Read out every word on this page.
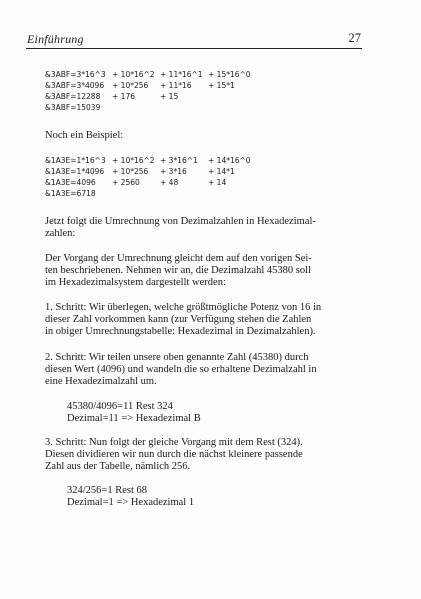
Einführung	27
&3ABF=3*16^3 + 10*16^2 + 11*16^1 + 15*16^0
&3ABF=3*4096 + 10*256 + 11*16 + 15*1
&3ABF=12288 + 176	+ 15
&3ABF=15039
Noch ein Beispiel:
&1A3E=1*16^3 + 10*16^2 + 3*16^1 + 14*16^0
&1A3E=1*4096 + 10*256 + 3*16	+ 14*1
&1A3E=4096 + 2560	+ 48	+ 14
&1A3E=6718
Jetzt folgt die Umrechnung von Dezimalzahlen in Hexadezimal-
zahlen:
Der Vorgang der Umrechnung gleicht dem auf den vorigen Sei-
ten beschriebenen. Nehmen wir an, die Dezimalzahl 45380 soll
im Hexadezimalsystem dargestellt werden:
1. Schritt: Wir überlegen, welche größtmögliche Potenz von 16 in
dieser Zahl vorkommen kann (zur Verfügung stehen die Zahlen
in obiger Umrechnungstabelle: Hexadezimal in Dezimalzahlen).
2. Schritt: Wir teilen unsere oben genannte Zahl (45380) durch
diesen Wert (4096) und wandeln die so erhaltene Dezimalzahl in
eine Hexadezimalzahl um.
45380/4096=11 Rest 324
Dezimal=11 => Hexadezimal B
3. Schritt: Nun folgt der gleiche Vorgang mit dem Rest (324).
Diesen dividieren wir nun durch die nächst kleinere passende
Zahl aus der Tabelle, nämlich 256.
324/256=1 Rest 68
Dezimal=1 => Hexadezimal 1
